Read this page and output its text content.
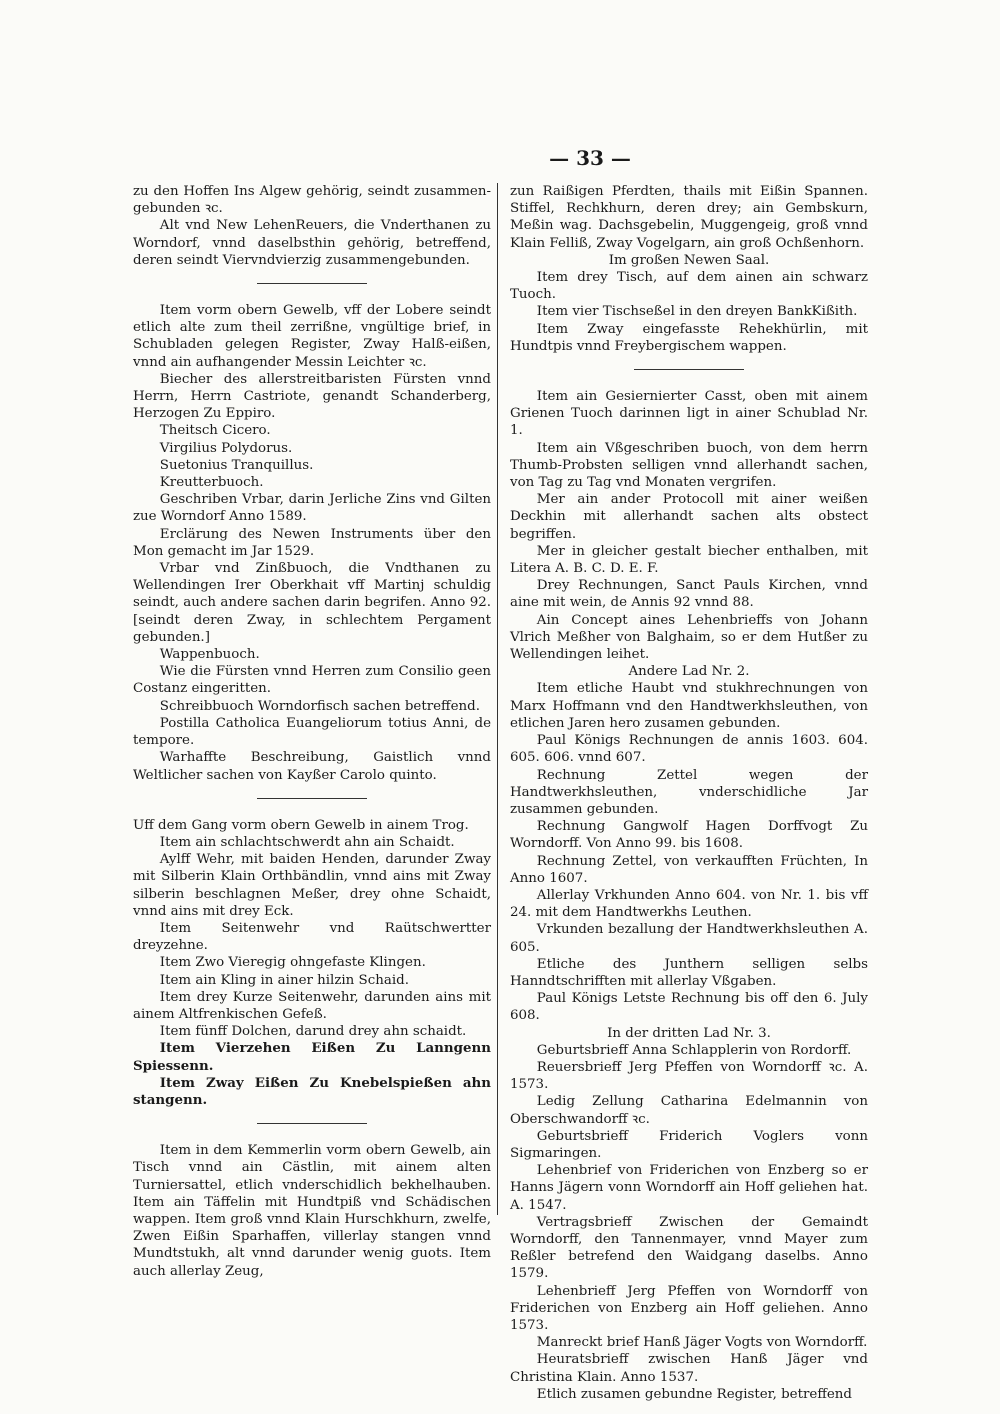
— 33 —

zu den Hoffen Ins Algew gehörig, seindt zusammen-gebunden ꝛc.

Alt vnd New LehenReuers, die Vnderthanen zu Worndorf, vnnd daselbsthin gehörig, betreffend, deren seindt Viervndvierzig zusammengebunden.

Item vorm obern Gewelb, vff der Lobere seindt etlich alte zum theil zerrißne, vngültige brief, in Schubladen gelegen Register, Zway Halß-eißen, vnnd ain aufhangender Messin Leichter ꝛc.

Biecher des allerstreitbaristen Fürsten vnnd Herrn, Herrn Castriote, genandt Schanderberg, Herzogen Zu Eppiro.

Theitsch Cicero.

Virgilius Polydorus.

Suetonius Tranquillus.

Kreutterbuoch.

Geschriben Vrbar, darin Jerliche Zins vnd Gilten zue Worndorf Anno 1589.

Erclärung des Newen Instruments über den Mon gemacht im Jar 1529.

Vrbar vnd Zinßbuoch, die Vndthanen zu Wellendingen Irer Oberkhait vff Martinj schuldig seindt, auch andere sachen darin begrifen. Anno 92. [seindt deren Zway, in schlechtem Pergament gebunden.]

Wappenbuoch.

Wie die Fürsten vnnd Herren zum Consilio geen Costanz eingeritten.

Schreibbuoch Worndorfisch sachen betreffend.

Postilla Catholica Euangeliorum totius Anni, de tempore.

Warhaffte Beschreibung, Gaistlich vnnd Weltlicher sachen von Kayßer Carolo quinto.

Uff dem Gang vorm obern Gewelb in ainem Trog.

Item ain schlachtschwerdt ahn ain Schaidt.

Aylff Wehr, mit baiden Henden, darunder Zway mit Silberin Klain Orthbändlin, vnnd ains mit Zway silberin beschlagnen Meßer, drey ohne Schaidt, vnnd ains mit drey Eck.

Item Seitenwehr vnd Raütschwertter dreyzehne.

Item Zwo Vieregig ohngefaste Klingen.

Item ain Kling in ainer hilzin Schaid.

Item drey Kurze Seitenwehr, darunden ains mit ainem Altfrenkischen Gefeß.

Item fünff Dolchen, darund drey ahn schaidt.

Item Vierzehen Eißen Zu Lanngenn Spiessenn.

Item Zway Eißen Zu Knebelspießen ahn stangenn.

Item in dem Kemmerlin vorm obern Gewelb, ain Tisch vnnd ain Cästlin, mit ainem alten Turniersattel, etlich vnderschidlich bekhelhauben. Item ain Täffelin mit Hundtpiß vnd Schädischen wappen. Item groß vnnd Klain Hurschkhurn, zwelfe, Zwen Eißin Sparhaffen, villerlay stangen vnnd Mundtstukh, alt vnnd darunder wenig guots. Item auch allerlay Zeug,

zun Raißigen Pferdten, thails mit Eißin Spannen. Stiffel, Rechkhurn, deren drey; ain Gembskurn, Meßin wag. Dachsgebelin, Muggengeig, groß vnnd Klain Felliß, Zway Vogelgarn, ain groß Ochßenhorn.

Im großen Newen Saal.

Item drey Tisch, auf dem ainen ain schwarz Tuoch.

Item vier Tischseßel in den dreyen BankKißith.

Item Zway eingefasste Rehekhürlin, mit Hundtpis vnnd Freybergischem wappen.

Item ain Gesiernierter Casst, oben mit ainem Grienen Tuoch darinnen ligt in ainer Schublad Nr. 1.

Item ain Vßgeschriben buoch, von dem herrn Thumb-Probsten selligen vnnd allerhandt sachen, von Tag zu Tag vnd Monaten vergrifen.

Mer ain ander Protocoll mit ainer weißen Deckhin mit allerhandt sachen alts obstect begriffen.

Mer in gleicher gestalt biecher enthalben, mit Litera A. B. C. D. E. F.

Drey Rechnungen, Sanct Pauls Kirchen, vnnd aine mit wein, de Annis 92 vnnd 88.

Ain Concept aines Lehenbrieffs von Johann Vlrich Meßher von Balghaim, so er dem Hutßer zu Wellendingen leihet.

Andere Lad Nr. 2.

Item etliche Haubt vnd stukhrechnungen von Marx Hoffmann vnd den Handtwerkhsleuthen, von etlichen Jaren hero zusamen gebunden.

Paul Königs Rechnungen de annis 1603. 604. 605. 606. vnnd 607.

Rechnung Zettel wegen der Handtwerkhsleuthen, vnderschidliche Jar zusammen gebunden.

Rechnung Gangwolf Hagen Dorffvogt Zu Worndorff. Von Anno 99. bis 1608.

Rechnung Zettel, von verkaufften Früchten, In Anno 1607.

Allerlay Vrkhunden Anno 604. von Nr. 1. bis vff 24. mit dem Handtwerkhs Leuthen.

Vrkunden bezallung der Handtwerkhsleuthen A. 605.

Etliche des Junthern selligen selbs Hanndtschrifften mit allerlay Vßgaben.

Paul Königs Letste Rechnung bis off den 6. July 608.

In der dritten Lad Nr. 3.

Geburtsbrieff Anna Schlapplerin von Rordorff.

Reuersbrieff Jerg Pfeffen von Worndorff ꝛc. A. 1573.

Ledig Zellung Catharina Edelmannin von Oberschwandorff ꝛc.

Geburtsbrieff Friderich Voglers vonn Sigmaringen.

Lehenbrief von Friderichen von Enzberg so er Hanns Jägern vonn Worndorff ain Hoff geliehen hat. A. 1547.

Vertragsbrieff Zwischen der Gemaindt Worndorff, den Tannenmayer, vnnd Mayer zum Reßler betrefend den Waidgang daselbs. Anno 1579.

Lehenbrieff Jerg Pfeffen von Worndorff von Friderichen von Enzberg ain Hoff geliehen. Anno 1573.

Manreckt brief Hanß Jäger Vogts von Worndorff.

Heuratsbrieff zwischen Hanß Jäger vnd Christina Klain. Anno 1537.

Etlich zusamen gebundne Register, betreffend
